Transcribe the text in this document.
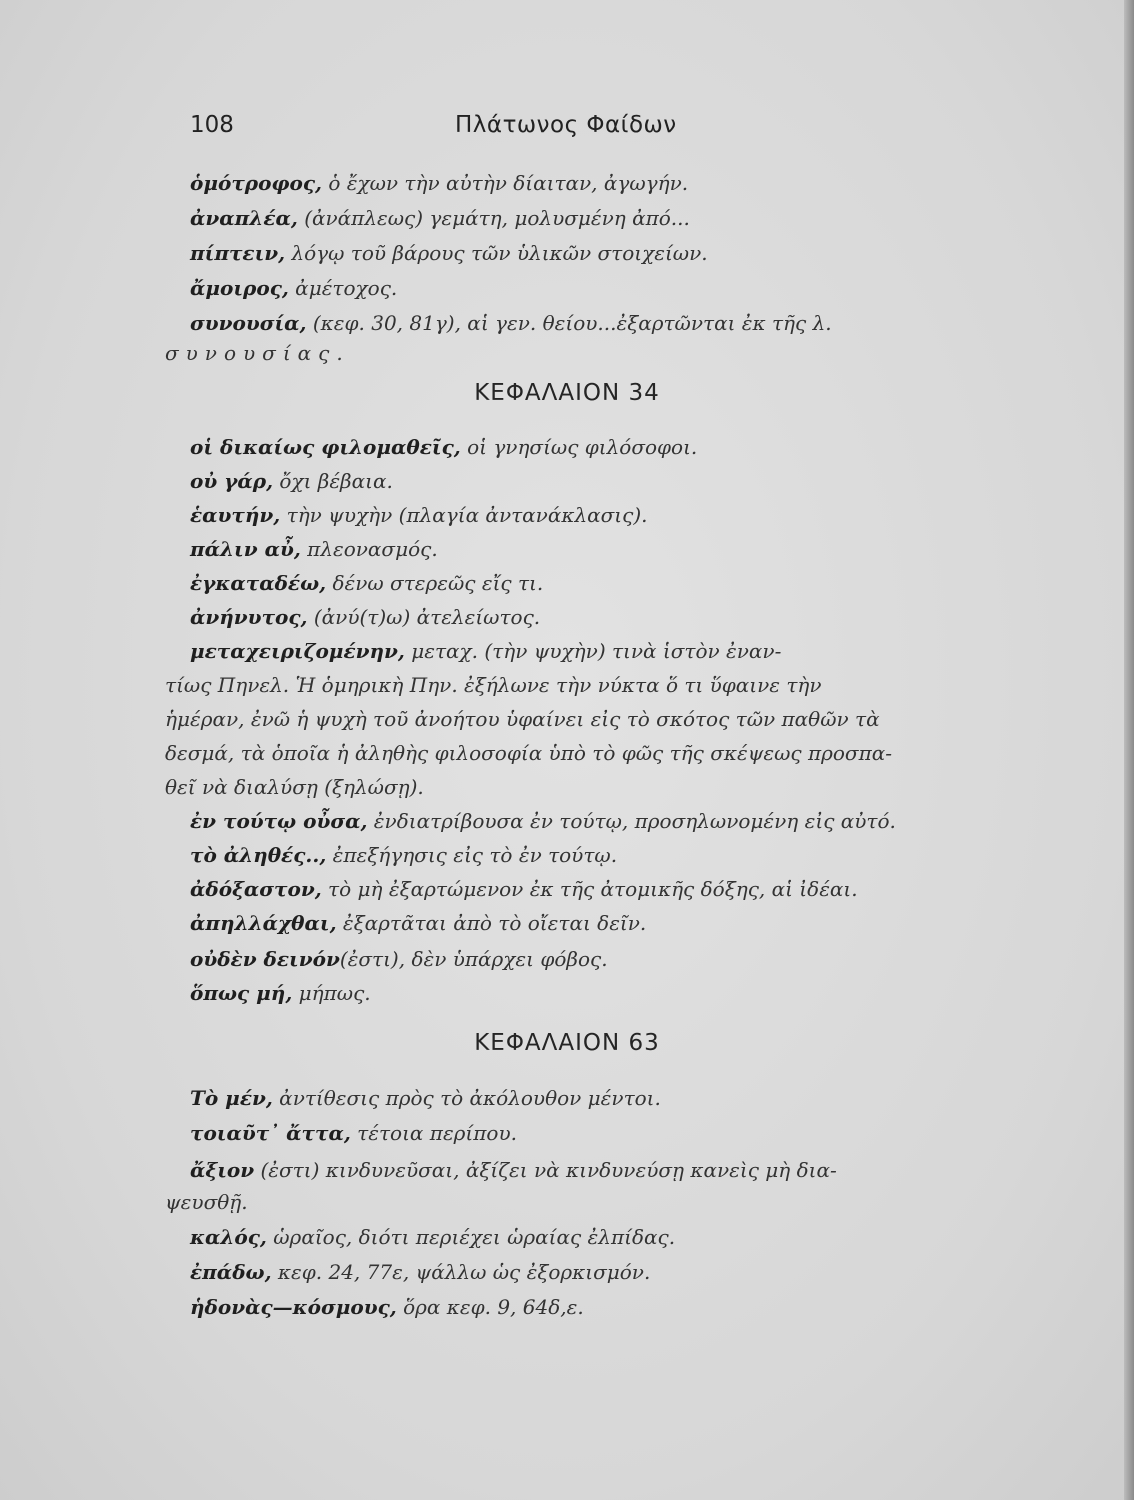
108	Πλάτωνος Φαίδων
ὁμότροφος, ὁ ἔχων τὴν αὐτὴν δίαιταν, ἀγωγήν.
ἀναπλέα, (ἀνάπλεως) γεμάτη, μολυσμένη ἀπό...
πίπτειν, λόγῳ τοῦ βάρους τῶν ὑλικῶν στοιχείων.
ἄμοιρος, ἀμέτοχος.
συνουσία, (κεφ. 30, 81γ), αἱ γεν. θείου...ἐξαρτῶνται ἐκ τῆς λ.
συνουσίας.
ΚΕΦΑΛΑΙΟΝ 34
οἱ δικαίως φιλομαθεῖς, οἱ γνησίως φιλόσοφοι.
οὐ γάρ, ὄχι βέβαια.
ἑαυτήν, τὴν ψυχὴν (πλαγία ἀντανάκλασις).
πάλιν αὖ, πλεονασμός.
ἐγκαταδέω, δένω στερεῶς εἴς τι.
ἀνήνυτος, (ἀνύ(τ)ω) ἀτελείωτος.
μεταχειριζομένην, μεταχ. (τὴν ψυχὴν) τινὰ ἱστὸν ἐναν-
τίως Πηνελ. Ἡ ὁμηρικὴ Πην. ἐξήλωνε τὴν νύκτα ὅ τι ὕφαινε τὴν
ἡμέραν, ἐνῶ ἡ ψυχὴ τοῦ ἀνοήτου ὑφαίνει εἰς τὸ σκότος τῶν παθῶν τὰ
δεσμά, τὰ ὁποῖα ἡ ἀληθὴς φιλοσοφία ὑπὸ τὸ φῶς τῆς σκέψεως προσπα-
θεῖ νὰ διαλύσῃ (ξηλώσῃ).
ἐν τούτῳ οὖσα, ἐνδιατρίβουσα ἐν τούτῳ, προσηλωνομένη εἰς αὐτό.
τὸ ἀληθές.., ἐπεξήγησις εἰς τὸ ἐν τούτῳ.
ἀδόξαστον, τὸ μὴ ἐξαρτώμενον ἐκ τῆς ἀτομικῆς δόξης, αἱ ἰδέαι.
ἀπηλλάχθαι, ἐξαρτᾶται ἀπὸ τὸ οἴεται δεῖν.
οὐδὲν δεινόν(ἐστι), δὲν ὑπάρχει φόβος.
ὅπως μή, μήπως.
ΚΕΦΑΛΑΙΟΝ 63
Τὸ μέν, ἀντίθεσις πρὸς τὸ ἀκόλουθον μέντοι.
τοιαῦτ᾽ ἄττα, τέτοια περίπου.
ἄξιον (ἐστι) κινδυνεῦσαι, ἀξίζει νὰ κινδυνεύσῃ κανεὶς μὴ δια-
ψευσθῇ.
καλός, ὡραῖος, διότι περιέχει ὡραίας ἐλπίδας.
ἐπάδω, κεφ. 24, 77ε, ψάλλω ὡς ἐξορκισμόν.
ἡδονὰς—κόσμους, ὅρα κεφ. 9, 64δ,ε.
